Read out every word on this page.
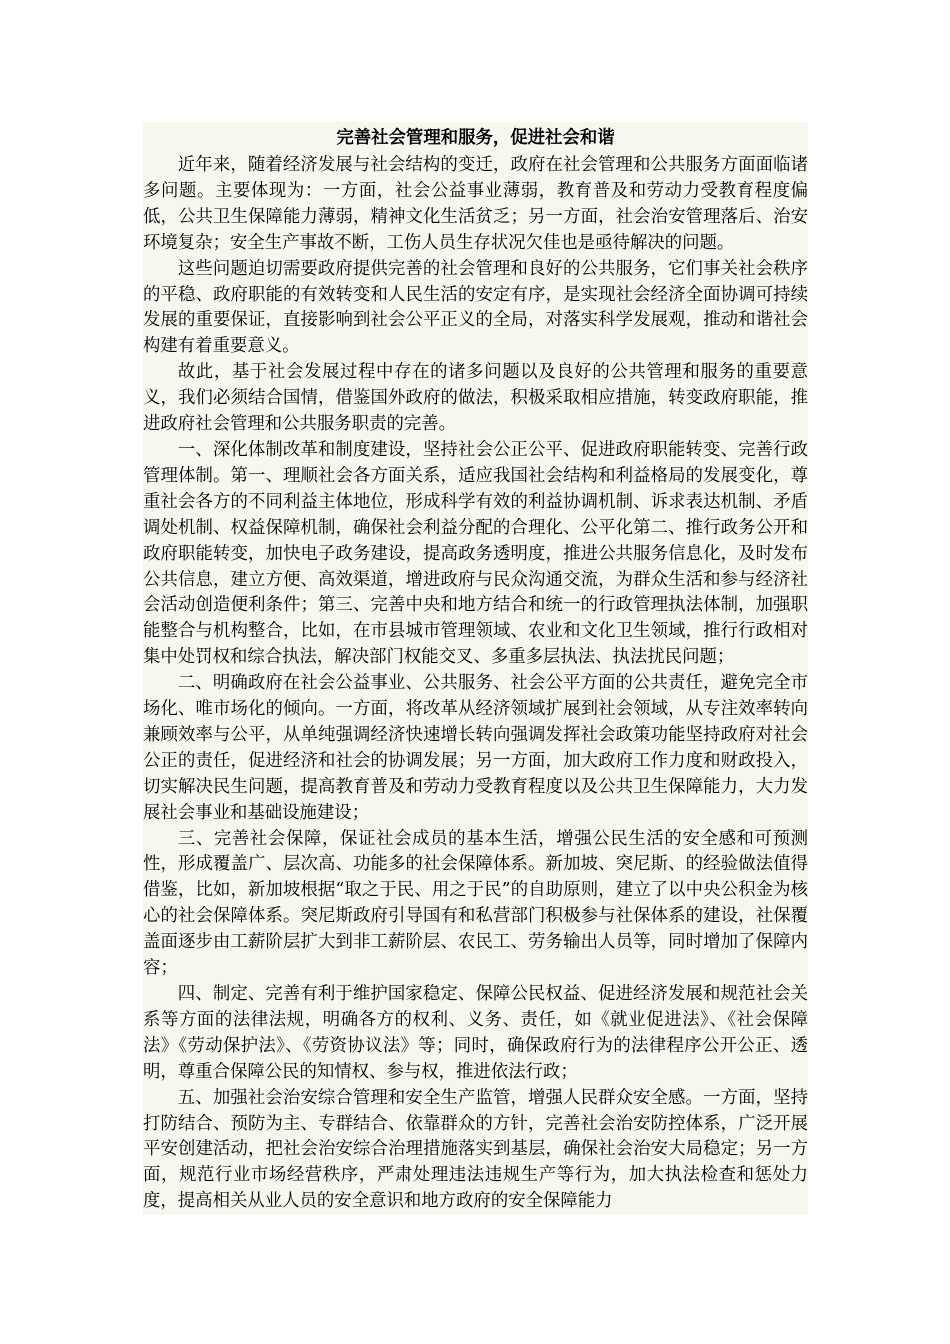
完善社会管理和服务，促进社会和谐

近年来，随着经济发展与社会结构的变迁，政府在社会管理和公共服务方面面临诸多问题。主要体现为：一方面，社会公益事业薄弱，教育普及和劳动力受教育程度偏低，公共卫生保障能力薄弱，精神文化生活贫乏；另一方面，社会治安管理落后、治安环境复杂；安全生产事故不断，工伤人员生存状况欠佳也是亟待解决的问题。

这些问题迫切需要政府提供完善的社会管理和良好的公共服务，它们事关社会秩序的平稳、政府职能的有效转变和人民生活的安定有序，是实现社会经济全面协调可持续发展的重要保证，直接影响到社会公平正义的全局，对落实科学发展观，推动和谐社会构建有着重要意义。

故此，基于社会发展过程中存在的诸多问题以及良好的公共管理和服务的重要意义，我们必须结合国情，借鉴国外政府的做法，积极采取相应措施，转变政府职能，推进政府社会管理和公共服务职责的完善。

一、深化体制改革和制度建设，坚持社会公正公平、促进政府职能转变、完善行政管理体制。第一、理顺社会各方面关系，适应我国社会结构和利益格局的发展变化，尊重社会各方的不同利益主体地位，形成科学有效的利益协调机制、诉求表达机制、矛盾调处机制、权益保障机制，确保社会利益分配的合理化、公平化第二、推行政务公开和政府职能转变，加快电子政务建设，提高政务透明度，推进公共服务信息化，及时发布公共信息，建立方便、高效渠道，增进政府与民众沟通交流，为群众生活和参与经济社会活动创造便利条件；第三、完善中央和地方结合和统一的行政管理执法体制，加强职能整合与机构整合，比如，在市县城市管理领域、农业和文化卫生领域，推行行政相对集中处罚权和综合执法，解决部门权能交叉、多重多层执法、执法扰民问题；

二、明确政府在社会公益事业、公共服务、社会公平方面的公共责任，避免完全市场化、唯市场化的倾向。一方面，将改革从经济领域扩展到社会领域，从专注效率转向兼顾效率与公平，从单纯强调经济快速增长转向强调发挥社会政策功能坚持政府对社会公正的责任，促进经济和社会的协调发展；另一方面，加大政府工作力度和财政投入，切实解决民生问题，提高教育普及和劳动力受教育程度以及公共卫生保障能力，大力发展社会事业和基础设施建设；

三、完善社会保障，保证社会成员的基本生活，增强公民生活的安全感和可预测性，形成覆盖广、层次高、功能多的社会保障体系。新加坡、突尼斯、的经验做法值得借鉴，比如，新加坡根据“取之于民、用之于民”的自助原则，建立了以中央公积金为核心的社会保障体系。突尼斯政府引导国有和私营部门积极参与社保体系的建设，社保覆盖面逐步由工薪阶层扩大到非工薪阶层、农民工、劳务输出人员等，同时增加了保障内容；

四、制定、完善有利于维护国家稳定、保障公民权益、促进经济发展和规范社会关系等方面的法律法规，明确各方的权利、义务、责任，如《就业促进法》、《社会保障法》《劳动保护法》、《劳资协议法》等；同时，确保政府行为的法律程序公开公正、透明，尊重合保障公民的知情权、参与权，推进依法行政；

五、加强社会治安综合管理和安全生产监管，增强人民群众安全感。一方面，坚持打防结合、预防为主、专群结合、依靠群众的方针，完善社会治安防控体系，广泛开展平安创建活动，把社会治安综合治理措施落实到基层，确保社会治安大局稳定；另一方面，规范行业市场经营秩序，严肃处理违法违规生产等行为，加大执法检查和惩处力度，提高相关从业人员的安全意识和地方政府的安全保障能力
